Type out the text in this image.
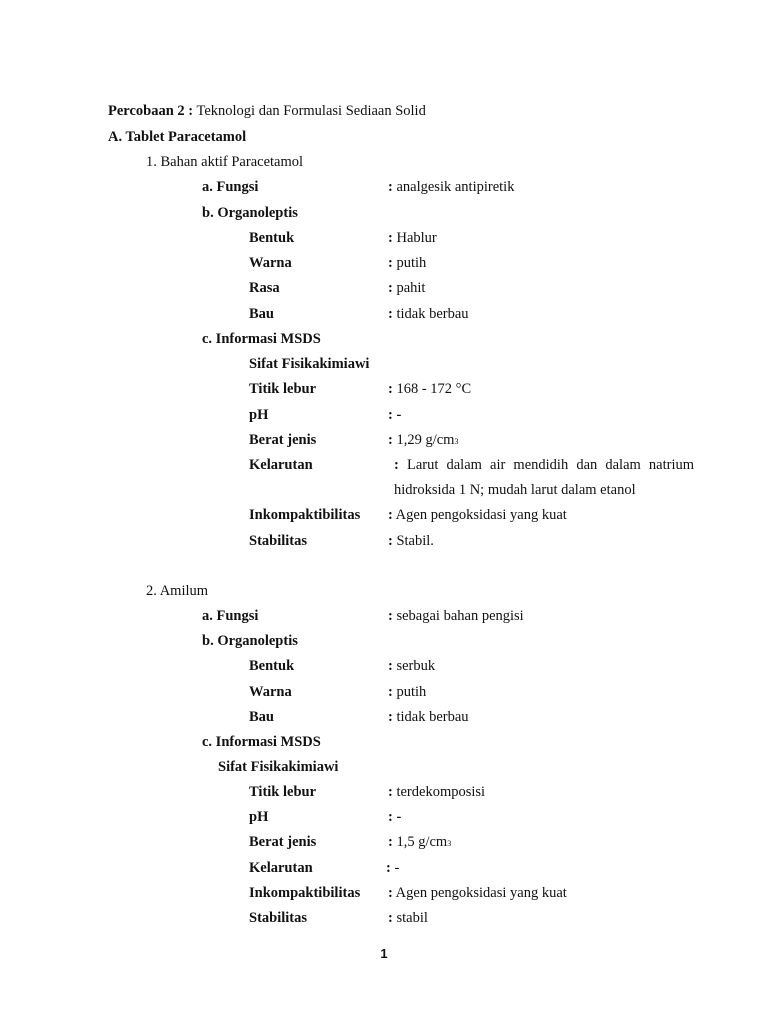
Percobaan 2 : Teknologi dan Formulasi Sediaan Solid
A. Tablet Paracetamol
1. Bahan aktif Paracetamol
a. Fungsi	: analgesik antipiretik
b. Organoleptis
Bentuk	: Hablur
Warna	: putih
Rasa	: pahit
Bau	: tidak berbau
c. Informasi MSDS
Sifat Fisikakimiawi
Titik lebur	: 168 - 172 °C
pH	: -
Berat jenis	: 1,29 g/cm3
Kelarutan	: Larut dalam air mendidih dan dalam natrium
hidroksida 1 N; mudah larut dalam etanol
Inkompaktibilitas : Agen pengoksidasi yang kuat
Stabilitas	: Stabil.
2. Amilum
a. Fungsi	: sebagai bahan pengisi
b. Organoleptis
Bentuk	: serbuk
Warna	: putih
Bau	: tidak berbau
c. Informasi MSDS
Sifat Fisikakimiawi
Titik lebur	: terdekomposisi
pH	: -
Berat jenis	: 1,5 g/cm3
Kelarutan	: -
Inkompaktibilitas : Agen pengoksidasi yang kuat
Stabilitas	: stabil
1
